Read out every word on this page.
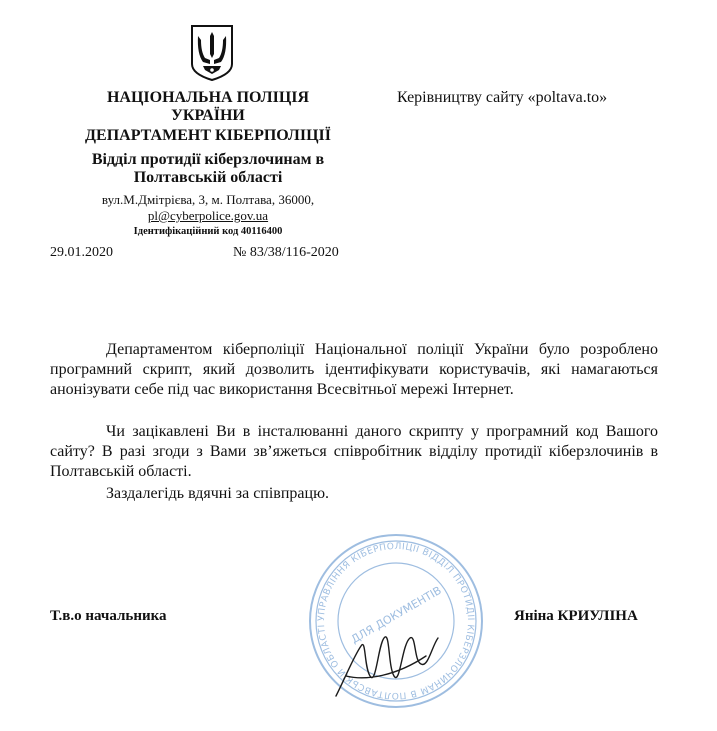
НАЦІОНАЛЬНА ПОЛІЦІЯ
УКРАЇНИ
ДЕПАРТАМЕНТ КІБЕРПОЛІЦІЇ
Відділ протидії кіберзлочинам в
Полтавській області
вул.М.Дмітрієва, 3, м. Полтава, 36000,
pl@cyberpolice.gov.ua
Ідентифікаційний код 40116400
Керівництву сайту «poltava.to»
29.01.2020	№ 83/38/116-2020
Департаментом кіберполіції Національної поліції України було розроблено програмний скрипт, який дозволить ідентифікувати користувачів, які намагаються анонізувати себе під час використання Всесвітньої мережі Інтернет.
Чи зацікавлені Ви в інсталюванні даного скрипту у програмний код Вашого сайту? В разі згоди з Вами зв’яжеться співробітник відділу протидії кіберзлочинів в Полтавській області.
Заздалегідь вдячні за співпрацю.
УПРАВЛІННЯ КІБЕРПОЛІЦІЇ ВІДДІЛ ПРОТИДІЇ КІБЕРЗЛОЧИНАМ В ПОЛТАВСЬКІЙ ОБЛАСТІ	ДЛЯ ДОКУМЕНТІВ
Т.в.о начальника	Яніна КРИУЛІНА
